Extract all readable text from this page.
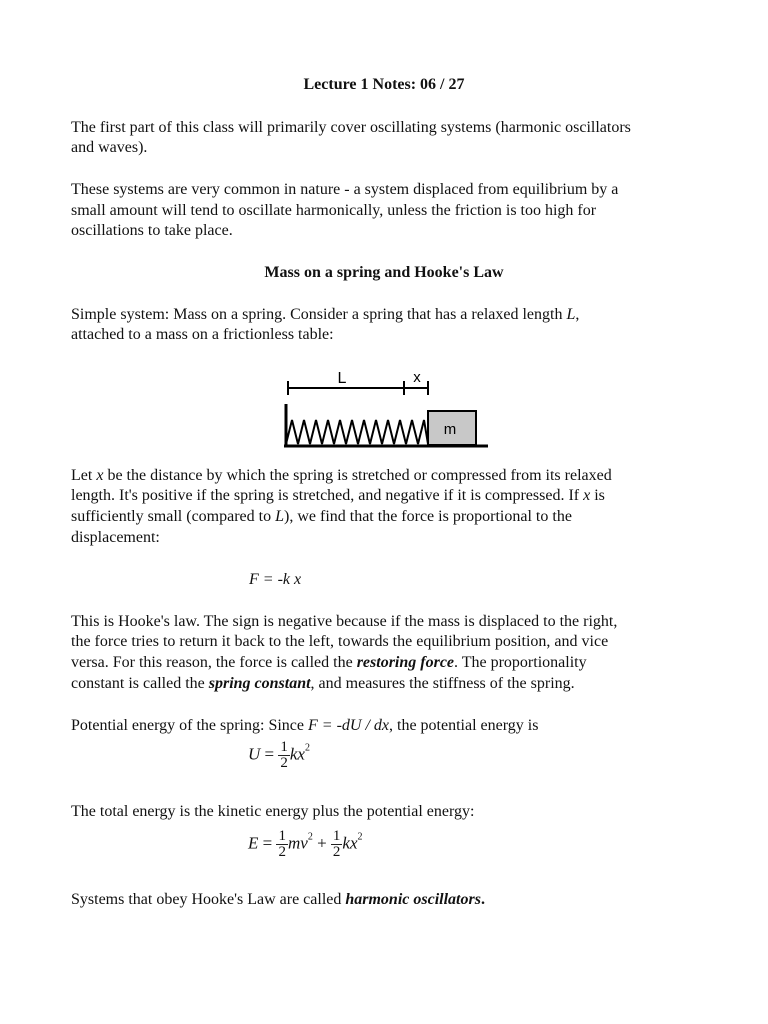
Lecture 1 Notes: 06 / 27
The first part of this class will primarily cover oscillating systems (harmonic oscillators
and waves).
These systems are very common in nature - a system displaced from equilibrium by a
small amount will tend to oscillate harmonically, unless the friction is too high for
oscillations to take place.
Mass on a spring and Hooke's Law
Simple system: Mass on a spring. Consider a spring that has a relaxed length L,
attached to a mass on a frictionless table:
L	x
m
Let x be the distance by which the spring is stretched or compressed from its relaxed
length. It's positive if the spring is stretched, and negative if it is compressed. If x is
sufficiently small (compared to L), we find that the force is proportional to the
displacement:
F = -k x
This is Hooke's law. The sign is negative because if the mass is displaced to the right,
the force tries to return it back to the left, towards the equilibrium position, and vice
versa. For this reason, the force is called the restoring force. The proportionality
constant is called the spring constant, and measures the stiffness of the spring.
Potential energy of the spring: Since F = -dU / dx, the potential energy is
$U = \frac{1}{2} kx^2$
The total energy is the kinetic energy plus the potential energy:
$E = \frac{1}{2} mv^2 + \frac{1}{2} kx^2$
Systems that obey Hooke's Law are called harmonic oscillators.
